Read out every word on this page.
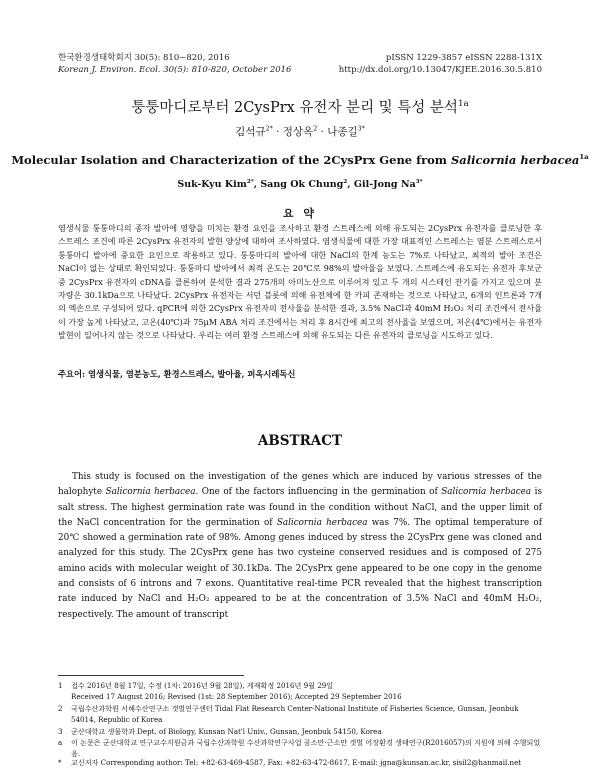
한국환경생태학회지 30(5): 810~820, 2016
Korean J. Environ. Ecol. 30(5): 810-820, October 2016
pISSN 1229-3857 eISSN 2288-131X
http://dx.doi.org/10.13047/KJEE.2016.30.5.810
퉁퉁마디로부터 2CysPrx 유전자 분리 및 특성 분석$^{1a}$
김석규$^{2*}$ · 정상옥$^2$ · 나종길$^{3*}$
Molecular Isolation and Characterization of the 2CysPrx Gene from Salicornia herbacea$^{1a}$
Suk-Kyu Kim$^{2*}$, Sang Ok Chung$^2$, Gil-Jong $Na^{3*}$
요 약
염생식물 퉁퉁마디의 종자 발아에 영향을 미치는 환경 요인을 조사하고 환경 스트레스에 의해 유도되는 2CysPrx 유전자를 클로닝한 후 스트레스 조건에 따른 2CysPrx 유전자의 발현 양상에 대하여 조사하였다. 염생식물에 대한 가장 대표적인 스트레스는 염분 스트레스로서 퉁퉁마디 발아에 중요한 요인으로 작용하고 있다. 퉁퉁마디의 발아에 대한 NaCl의 한계 농도는 7%로 나타났고, 최적의 발아 조건은 NaCl이 없는 상태로 확인되었다. 퉁퉁마디 발아에서 최적 온도는 20℃로 98%의 발아율을 보였다. 스트레스에 유도되는 유전자 후보군 중 2CysPrx 유전자의 cDNA를 클론하여 분석한 결과 275개의 아미노산으로 이루어져 있고 두 개의 시스테인 잔기를 가지고 있으며 분자량은 30.1kDa으로 나타났다. 2CysPrx 유전자는 서던 블롯에 의해 유전체에 한 카피 존재하는 것으로 나타났고, 6개의 인트론과 7개의 엑손으로 구성되어 있다. qPCR에 의한 2CysPrx 유전자의 전사율을 분석한 결과, 3.5% NaCl과 40mM H₂O₂ 처리 조건에서 전사율이 가장 높게 나타났고, 고온(40℃)과 75μM ABA 처리 조건에서는 처리 후 8시간에 최고의 전사율을 보였으며, 저온(4℃)에서는 유전자 발현이 일어나지 않는 것으로 나타났다. 우리는 여러 환경 스트레스에 의해 유도되는 다른 유전자의 클로닝을 시도하고 있다.
주요어: 염생식물, 염분농도, 환경스트레스, 발아율, 퍼옥시레독신
ABSTRACT
This study is focused on the investigation of the genes which are induced by various stresses of the halophyte Salicornia herbacea. One of the factors influencing in the germination of Salicornia herbacea is salt stress. The highest germination rate was found in the condition without NaCl, and the upper limit of the NaCl concentration for the germination of Salicornia herbacea was 7%. The optimal temperature of 20℃ showed a germination rate of 98%. Among genes induced by stress the 2CysPrx gene was cloned and analyzed for this study. The 2CysPrx gene has two cysteine conserved residues and is composed of 275 amino acids with molecular weight of 30.1kDa. The 2CysPrx gene appeared to be one copy in the genome and consists of 6 introns and 7 exons. Quantitative real-time PCR revealed that the highest transcription rate induced by NaCl and H₂O₂ appeared to be at the concentration of 3.5% NaCl and 40mM H₂O₂, respectively. The amount of transcript
1 접수 2016년 8월 17일, 수정 (1차: 2016년 9월 28일), 게재확정 2016년 9월 29일
Received 17 August 2016; Revised (1st: 28 September 2016); Accepted 29 September 2016
2 국립수산과학원 서해수산연구소 갯벌연구센터 Tidal Flat Research Center-National Institute of Fisheries Science, Gunsan, Jeonbuk 54014, Republic of Korea
3 군산대학교 생물학과 Dept. of Biology, Kunsan Nat'l Univ., Gunsan, Jeonbuk 54150, Korea
a 이 논문은 군산대학교 연구교수지원금과 국립수산과학원 수산과학연구사업 곰소만·근소만 갯벌 어장환경 생태연구(R2016057)의 지원에 의해 수행되었음.
* 교신저자 Corresponding author: Tel: +82-63-469-4587, Fax: +82-63-472-8617, E-mail: jgna@kunsan.ac.kr, sisil2@hanmail.net
